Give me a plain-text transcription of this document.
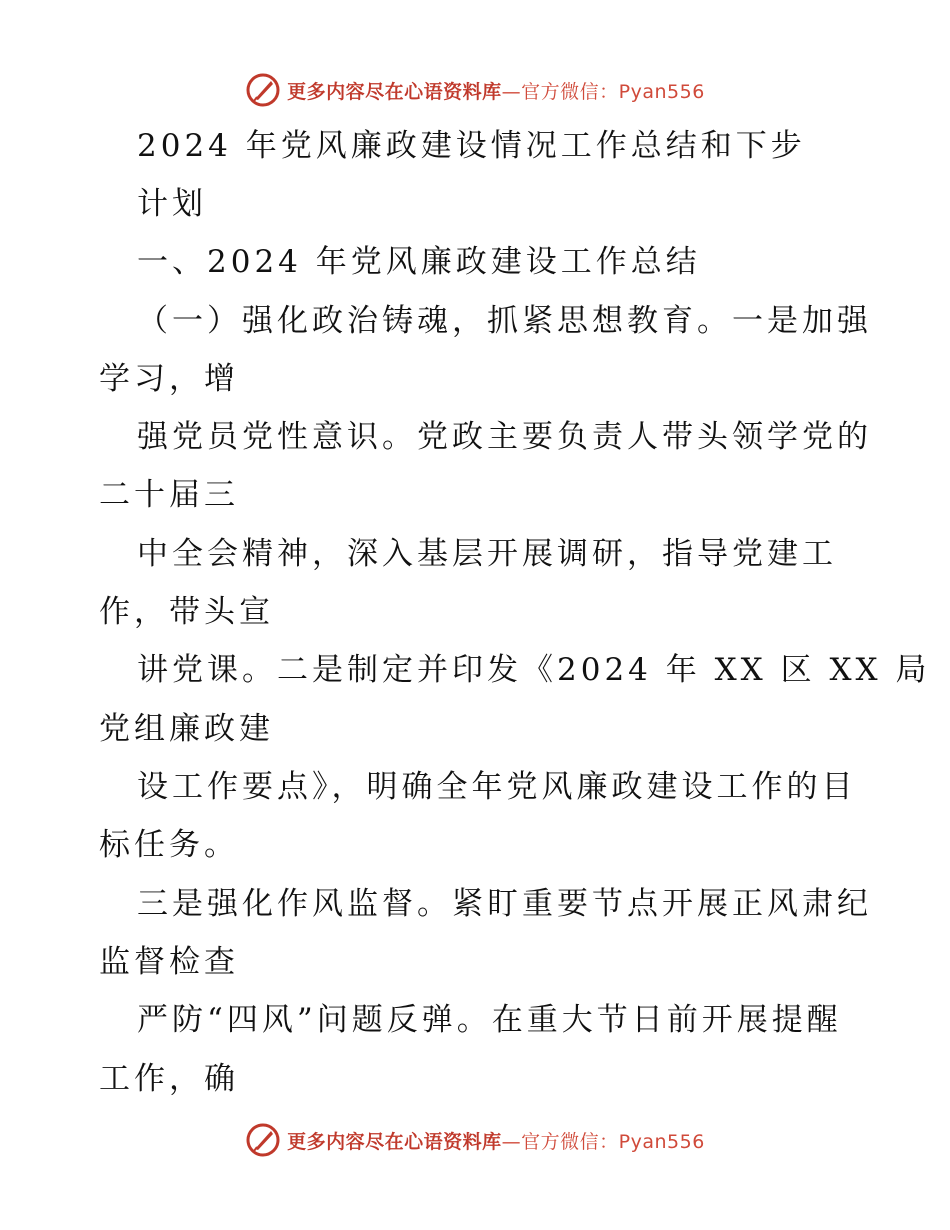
更多内容尽在心语资料库—官方微信：Pyan556
2024 年党风廉政建设情况工作总结和下步
计划
一、2024 年党风廉政建设工作总结
（一）强化政治铸魂，抓紧思想教育。一是加强
学习，增
强党员党性意识。党政主要负责人带头领学党的
二十届三
中全会精神，深入基层开展调研，指导党建工
作，带头宣
讲党课。二是制定并印发《2024 年 XX 区 XX 局
党组廉政建
设工作要点》，明确全年党风廉政建设工作的目
标任务。
三是强化作风监督。紧盯重要节点开展正风肃纪
监督检查
严防“四风”问题反弹。在重大节日前开展提醒
工作，确
更多内容尽在心语资料库—官方微信：Pyan556
